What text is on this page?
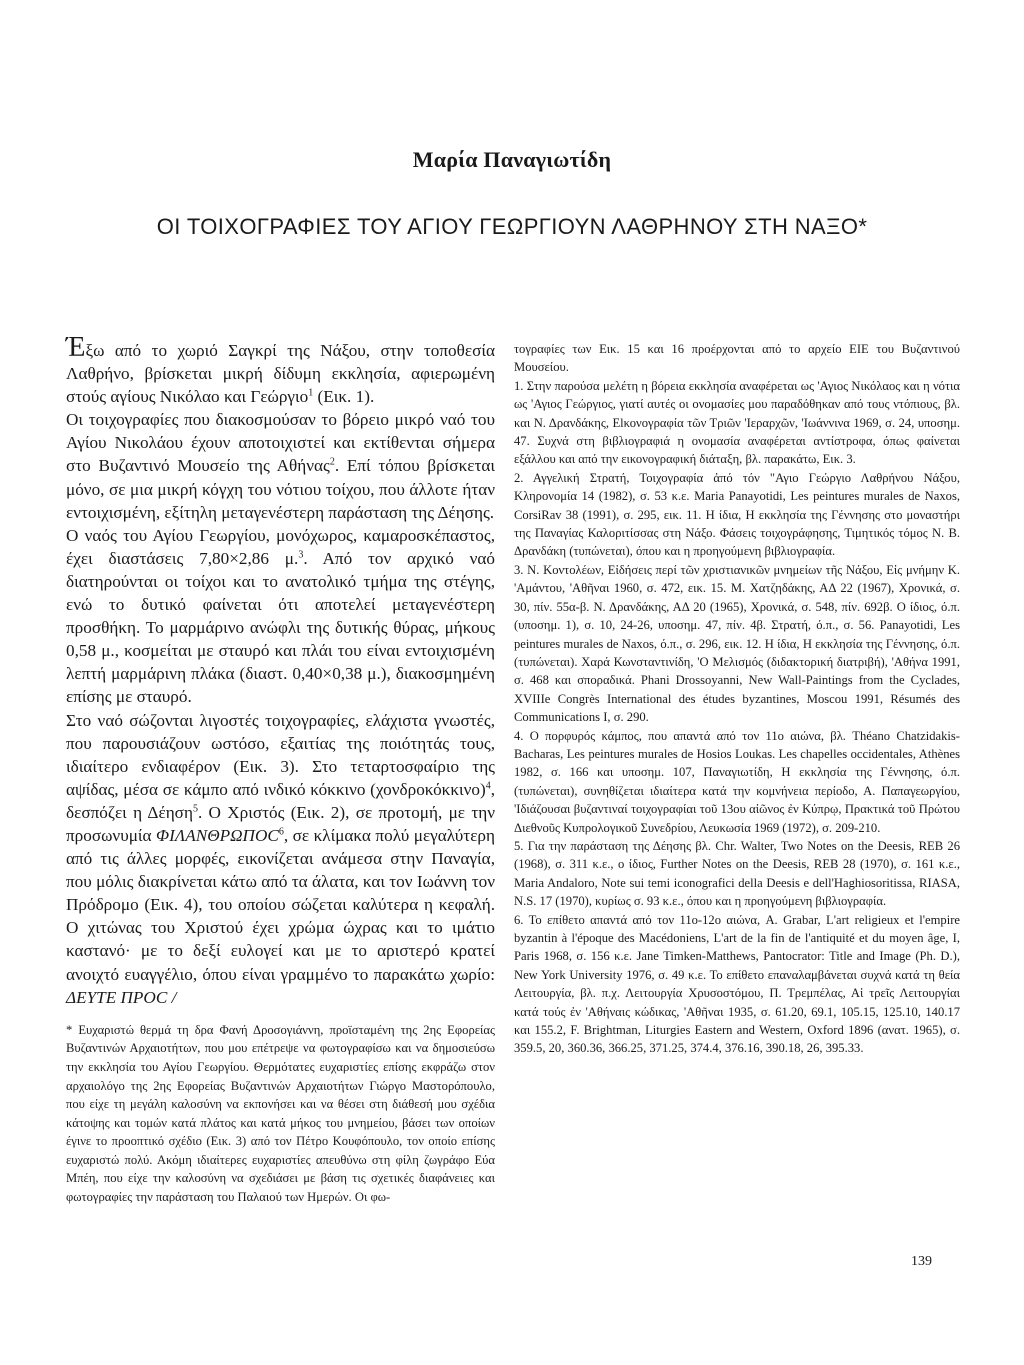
Μαρία Παναγιωτίδη
ΟΙ ΤΟΙΧΟΓΡΑΦΙΕΣ ΤΟΥ ΑΓΙΟΥ ΓΕΩΡΓΙΟΥΝ ΛΑΘΡΗΝΟΥ ΣΤΗ ΝΑΞΟ*

Έξω από το χωριό Σαγκρί της Νάξου, στην τοποθεσία Λαθρήνο, βρίσκεται μικρή δίδυμη εκκλησία, αφιερωμένη στούς αγίους Νικόλαο και Γεώργιο$^1$ (Εικ. 1).

Οι τοιχογραφίες που διακοσμούσαν το βόρειο μικρό ναό του Αγίου Νικολάου έχουν αποτοιχιστεί και εκτίθενται σήμερα στο Βυζαντινό Μουσείο της Αθήνας$^2$. Επί τόπου βρίσκεται μόνο, σε μια μικρή κόγχη του νότιου τοίχου, που άλλοτε ήταν εντοιχισμένη, εξίτηλη μεταγενέστερη παράσταση της Δέησης.

Ο ναός του Αγίου Γεωργίου, μονόχωρος, καμαροσκέπαστος, έχει διαστάσεις 7,80×2,86 μ.$^3$. Από τον αρχικό ναό διατηρούνται οι τοίχοι και το ανατολικό τμήμα της στέγης, ενώ το δυτικό φαίνεται ότι αποτελεί μεταγενέστερη προσθήκη. Το μαρμάρινο ανώφλι της δυτικής θύρας, μήκους 0,58 μ., κοσμείται με σταυρό και πλάι του είναι εντοιχισμένη λεπτή μαρμάρινη πλάκα (διαστ. 0,40×0,38 μ.), διακοσμημένη επίσης με σταυρό.

Στο ναό σώζονται λιγοστές τοιχογραφίες, ελάχιστα γνωστές, που παρουσιάζουν ωστόσο, εξαιτίας της ποιότητάς τους, ιδιαίτερο ενδιαφέρον (Εικ. 3). Στο τεταρτοσφαίριο της αψίδας, μέσα σε κάμπο από ινδικό κόκκινο $(\chi o\nu\delta\rho o\kappa ό\kappa\kappa\iota\nu o)^4$, δεσπόζει η Δέηση$^5$. Ο Χριστός (Εικ. 2), σε προτομή, με την προσωνυμία ΦΙΛΑΝΘΡΩΠΟC$^6$, σε κλίμακα πολύ μεγαλύτερη από τις άλλες μορφές, εικονίζεται ανάμεσα στην Παναγία, που μόλις διακρίνεται κάτω από τα άλατα, και τον Ιωάννη τον Πρόδρομο (Εικ. 4), του οποίου σώζεται καλύτερα η κεφαλή. Ο χιτώνας του Χριστού έχει χρώμα ώχρας και το ιμάτιο καστανό· με το δεξί ευλογεί και με το αριστερό κρατεί ανοιχτό ευαγγέλιο, όπου είναι γραμμένο το παρακάτω χωρίο: ΔΕΥΤΕ ΠΡΟC /

* Ευχαριστώ θερμά τη δρα Φανή Δροσογιάννη, προϊσταμένη της 2ης Εφορείας Βυζαντινών Αρχαιοτήτων, που μου επέτρεψε να φωτογραφίσω και να δημοσιεύσω την εκκλησία του Αγίου Γεωργίου. Θερμότατες ευχαριστίες επίσης εκφράζω στον αρχαιολόγο της 2ης Εφορείας Βυζαντινών Αρχαιοτήτων Γιώργο Μαστορόπουλο, που είχε τη μεγάλη καλοσύνη να εκπονήσει και να θέσει στη διάθεσή μου σχέδια κάτοψης και τομών κατά πλάτος και κατά μήκος του μνημείου, βάσει των οποίων έγινε το προοπτικό σχέδιο (Εικ. 3) από τον Πέτρο Κουφόπουλο, τον οποίο επίσης ευχαριστώ πολύ. Ακόμη ιδιαίτερες ευχαριστίες απευθύνω στη φίλη ζωγράφο Εύα Μπέη, που είχε την καλοσύνη να σχεδιάσει με βάση τις σχετικές διαφάνειες και φωτογραφίες την παράσταση του Παλαιού των Ημερών. Οι φω-

τογραφίες των Εικ. 15 και 16 προέρχονται από το αρχείο ΕΙΕ του Βυζαντινού Μουσείου.

1. Στην παρούσα μελέτη η βόρεια εκκλησία αναφέρεται ως 'Αγιος Νικόλαος και η νότια ως 'Αγιος Γεώργιος, γιατί αυτές οι ονομασίες μου παραδόθηκαν από τους ντόπιους, βλ. και Ν. Δρανδάκης, Εlκονογραφία τῶν Τριῶν 'Ιεραρχῶν, 'Ιωάννινα 1969, σ. 24, υποσημ. 47. Συχνά στη βιβλιογραφιά η ονομασία αναφέρεται αντίστροφα, όπως φαίνεται εξάλλου και από την εικονογραφική διάταξη, βλ. παρακάτω, Εικ. 3.

2. Αγγελική Στρατή, Τοιχογραφία ἀπό τόν "Αγιο Γεώργιο Λαθρήνου Νάξου, Κληρονομία 14 (1982), σ. 53 κ.ε. Maria Panayotidi, Les peintures murales de Naxos, CorsiRav 38 (1991), σ. 295, εικ. 11. Η ίδια, Η εκκλησία της Γέννησης στο μοναστήρι της Παναγίας Καλοριτίσσας στη Νάξο. Φάσεις τοιχογράφησης, Τιμητικός τόμος Ν. Β. Δρανδάκη (τυπώνεται), όπου και η προηγούμενη βιβλιογραφία.

3. Ν. Κοντολέων, Εἰδήσεις περί τῶν χριστιανικῶν μνημείων τῆς Νάξου, Εἰς μνήμην Κ. 'Αμάντου, 'Αθῆναι 1960, σ. 472, εικ. 15. Μ. Χατζηδάκης, ΑΔ 22 (1967), Χρονικά, σ. 30, πίν. 55α-β. Ν. Δρανδάκης, ΑΔ 20 (1965), Χρονικά, σ. 548, πίν. 692β. Ο ίδιος, ό.π. (υποσημ. 1), σ. 10, 24-26, υποσημ. 47, πίν. 4β. Στρατή, ό.π., σ. 56. Panayotidi, Les peintures murales de Naxos, ό.π., σ. 296, εικ. 12. Η ίδια, Η εκκλησία της Γέννησης, ό.π. (τυπώνεται). Χαρά Κωνσταντινίδη, 'Ο Μελισμός (διδακτορική διατριβή), 'Αθήνα 1991, σ. 468 και σποραδικά. Phani Drossoyanni, New Wall-Paintings from the Cyclades, XVIIIe Congrès International des études byzantines, Moscou 1991, Résumés des Communications I, σ. 290.

4. Ο πορφυρός κάμπος, που απαντά από τον 11ο αιώνα, βλ. Théano Chatzidakis-Bacharas, Les peintures murales de Hosios Loukas. Les chapelles occidentales, Athènes 1982, σ. 166 και υποσημ. 107, Παναγιωτίδη, Η εκκλησία της Γέννησης, ό.π. (τυπώνεται), συνηθίζεται ιδιαίτερα κατά την κομνήνεια περίοδο, Α. Παπαγεωργίου, 'Ιδιάζουσαι βυζαντιναί τοιχογραφίαι τοῦ 13ου αἰῶνος ἐν Κύπρῳ, Πρακτικά τοῦ Πρώτου Διεθνοῦς Κυπρολογικοῦ Συνεδρίου, Λευκωσία 1969 (1972), σ. 209-210.

5. Για την παράσταση της Δέησης βλ. Chr. Walter, Two Notes on the Deesis, REB 26 (1968), σ. 311 κ.ε., ο ίδιος, Further Notes on the Deesis, REB 28 (1970), σ. 161 κ.ε., Maria Andaloro, Note sui temi iconografici della Deesis e dell'Haghiosoritissa, RIASA, N.S. 17 (1970), κυρίως σ. 93 κ.ε., όπου και η προηγούμενη βιβλιογραφία.

6. Το επίθετο απαντά από τον 11ο-12ο αιώνα, A. Grabar, L'art religieux et l'empire byzantin à l'époque des Macédoniens, L'art de la fin de l'antiquité et du moyen âge, I, Paris 1968, σ. 156 κ.ε. Jane Timken-Matthews, Pantocrator: Title and Image (Ph. D.), New York University 1976, σ. 49 κ.ε. Το επίθετο επαναλαμβάνεται συχνά κατά τη θεία Λειτουργία, βλ. π.χ. Λειτουργία Χρυσοστόμου, Π. Τρεμπέλας, Αἱ τρεῖς Λειτουργίαι κατά τούς ἐν 'Αθήναις κώδικας, 'Αθῆναι 1935, σ. 61.20, 69.1, 105.15, 125.10, 140.17 και 155.2, F. Brightman, Liturgies Eastern and Western, Oxford 1896 (ανατ. 1965), σ. 359.5, 20, 360.36, 366.25, 371.25, 374.4, 376.16, 390.18, 26, 395.33.

139
